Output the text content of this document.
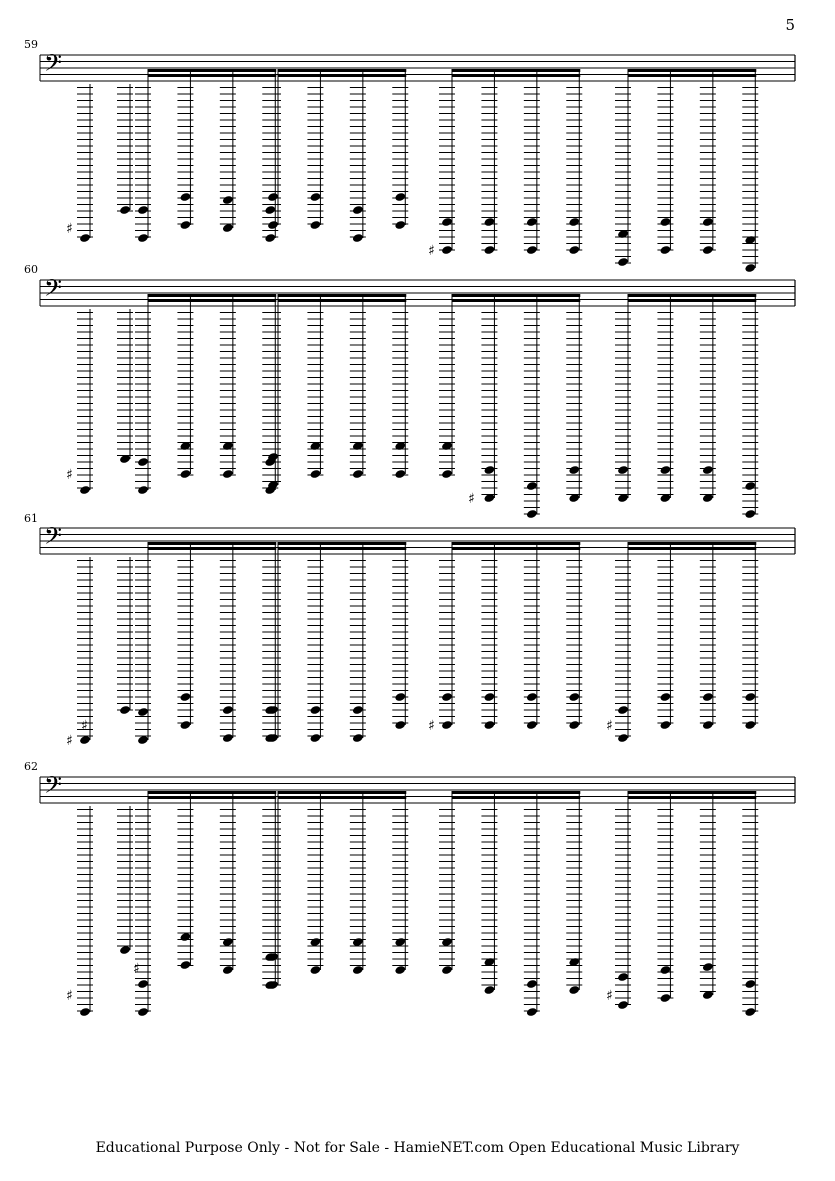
5
59
60
61
62
𝄢
♯
♯
𝄢
♯
♯
𝄢
♯
♯	♯	♯
𝄢
♯
♯
♯
Educational Purpose Only - Not for Sale - HamieNET.com Open Educational Music Library
